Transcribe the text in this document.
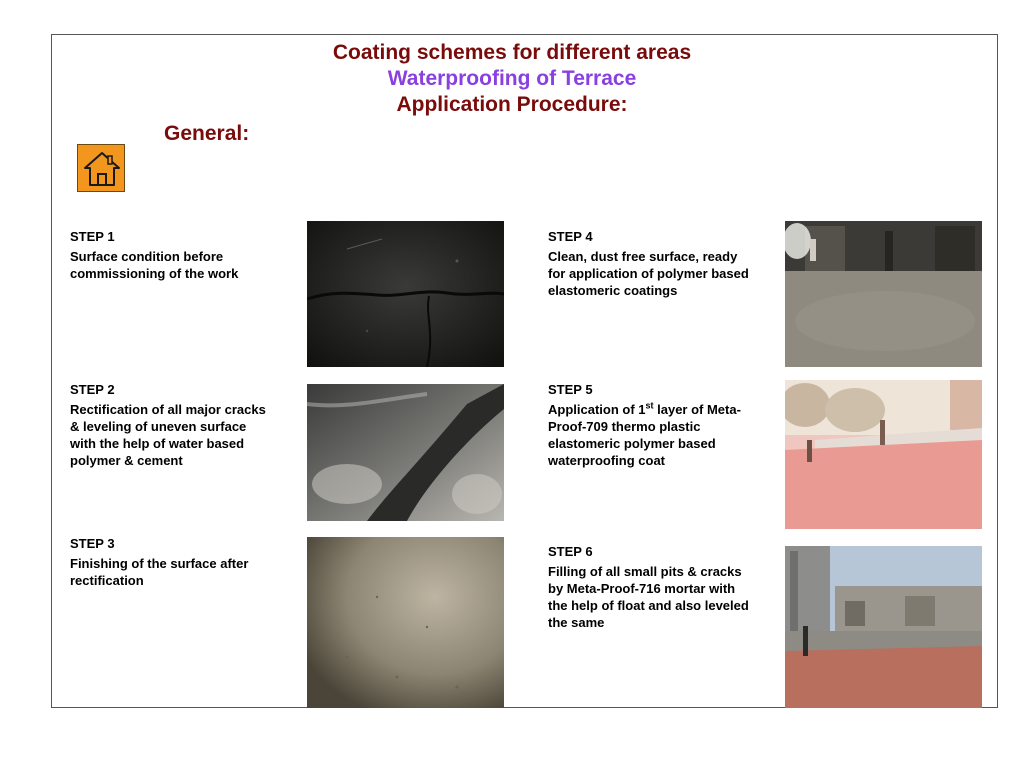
Coating schemes for different areas
Waterproofing of Terrace
Application Procedure:
General:
STEP 1
Surface condition before commissioning of the work
STEP 2
Rectification of all major cracks & leveling of uneven surface with the help of water based polymer & cement
STEP 3
Finishing of the surface after rectification
STEP 4
Clean, dust free surface, ready for application of polymer based elastomeric coatings
STEP 5
Application of 1st layer of Meta-Proof-709 thermo plastic elastomeric polymer based waterproofing coat
STEP 6
Filling of all small pits & cracks by Meta-Proof-716 mortar with the help of float and also leveled the same
